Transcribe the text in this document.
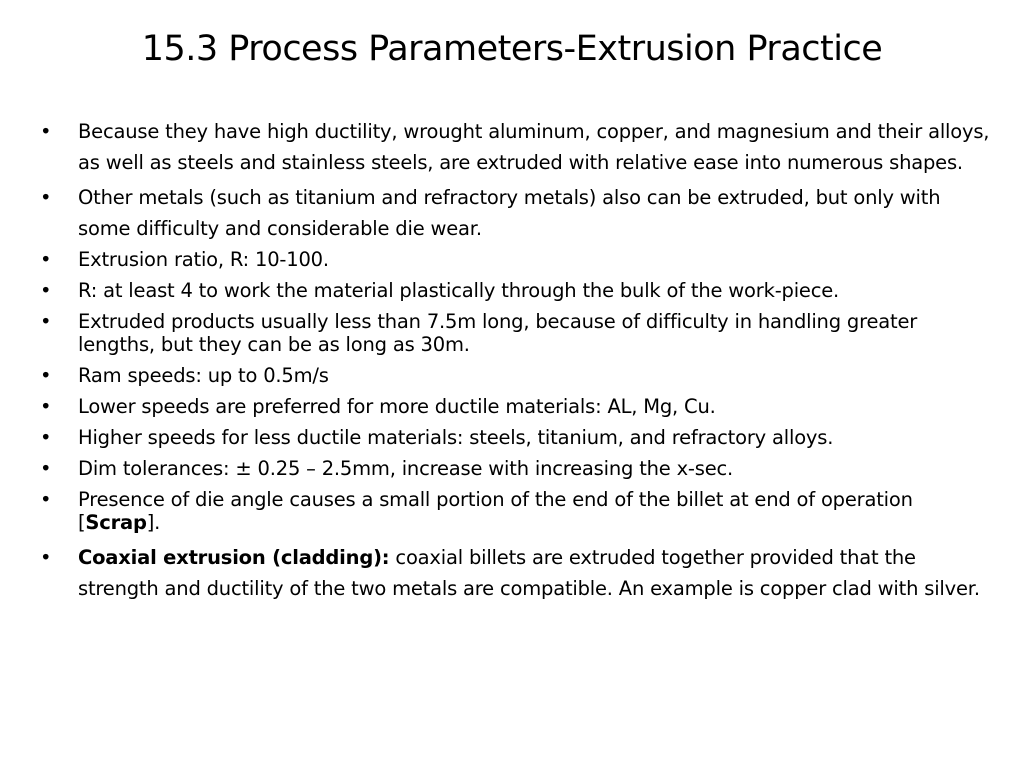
15.3 Process Parameters-Extrusion Practice
•	Because they have high ductility, wrought aluminum, copper, and magnesium and their alloys, as well as steels and stainless steels, are extruded with relative ease into numerous shapes.
•	Other metals (such as titanium and refractory metals) also can be extruded, but only with some difficulty and considerable die wear.
•	Extrusion ratio, R: 10-100.
•	R: at least 4 to work the material plastically through the bulk of the work-piece.
•	Extruded products usually less than 7.5m long, because of difficulty in handling greater lengths, but they can be as long as 30m.
•	Ram speeds: up to 0.5m/s
•	Lower speeds are preferred for more ductile materials: AL, Mg, Cu.
•	Higher speeds for less ductile materials: steels, titanium, and refractory alloys.
•	Dim tolerances: ± 0.25 – 2.5mm, increase with increasing the x-sec.
•	Presence of die angle causes a small portion of the end of the billet at end of operation [Scrap].
•	Coaxial extrusion (cladding): coaxial billets are extruded together provided that the strength and ductility of the two metals are compatible. An example is copper clad with silver.
